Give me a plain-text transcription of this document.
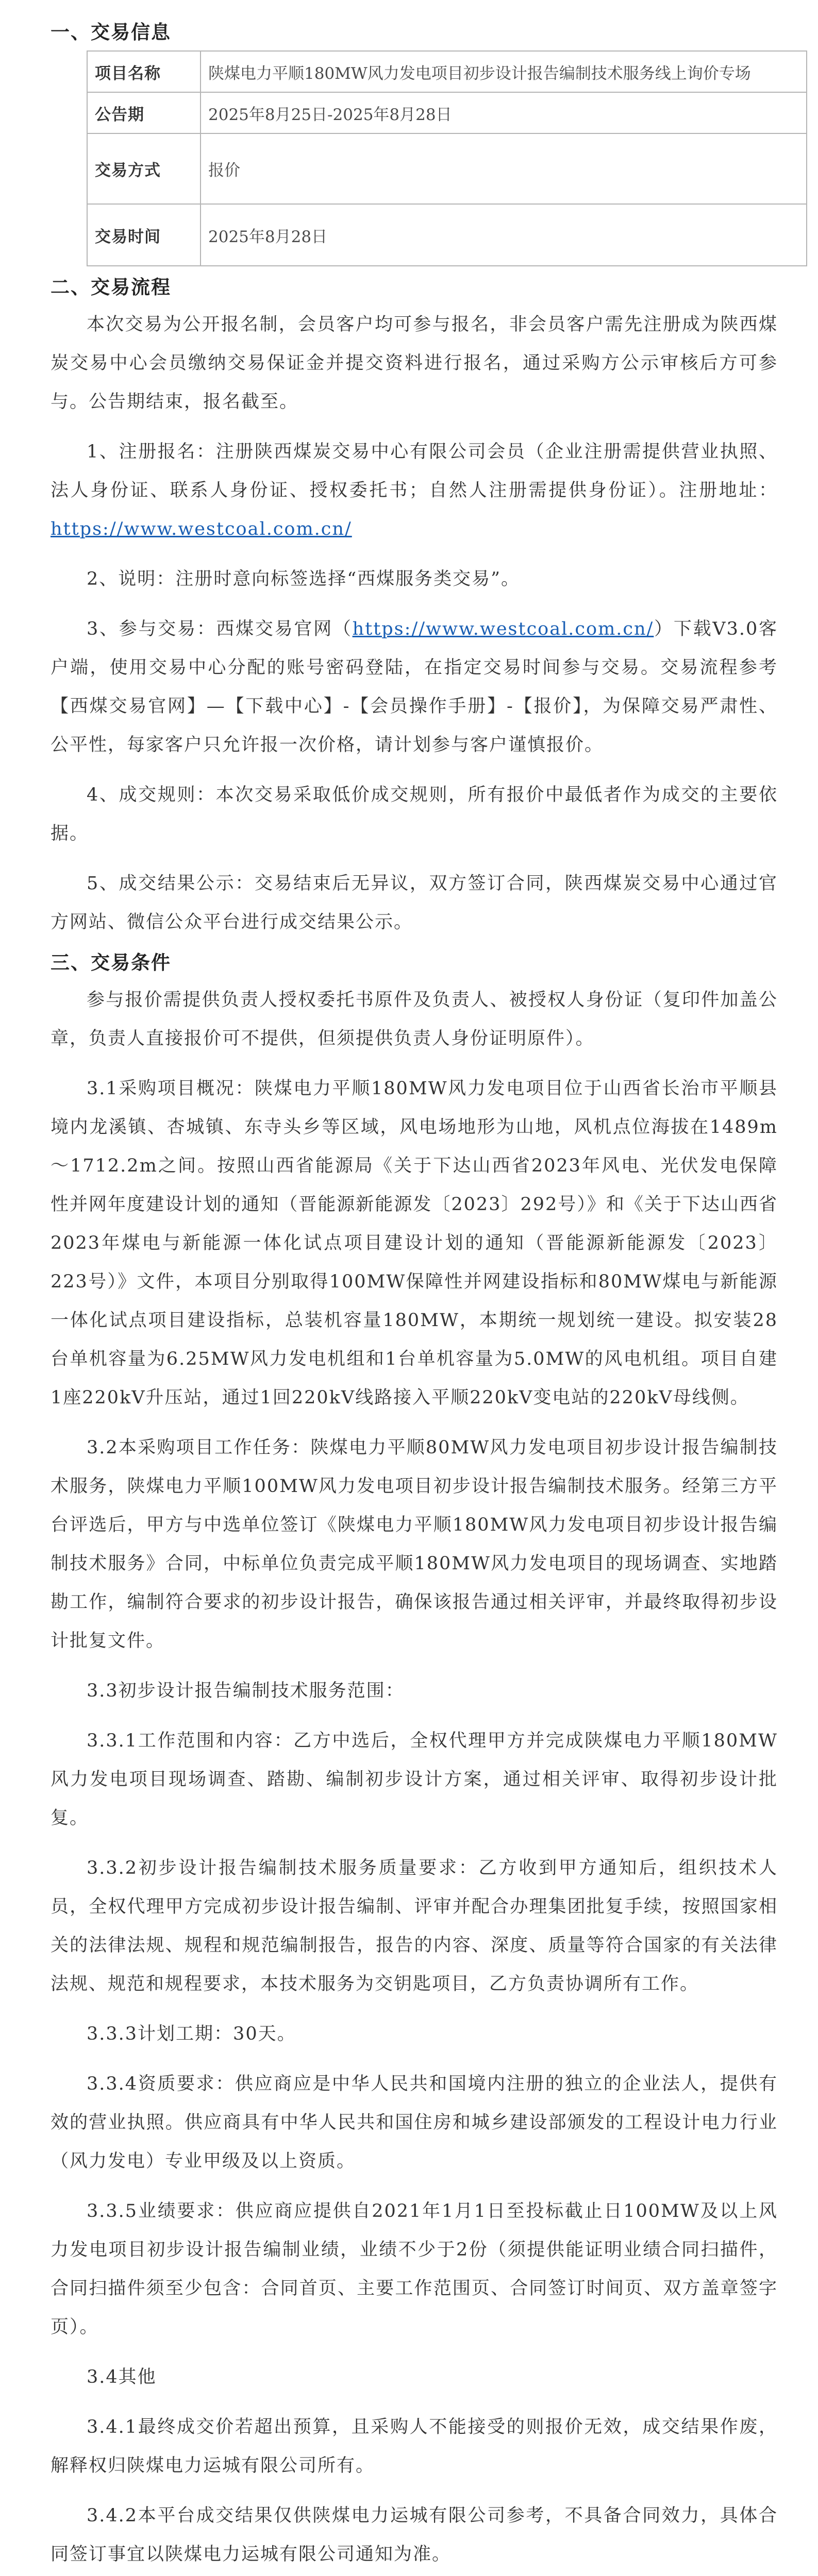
一、交易信息
项目名称	陕煤电力平顺180MW风力发电项目初步设计报告编制技术服务线上询价专场
公告期	2025年8月25日-2025年8月28日
交易方式	报价
交易时间	2025年8月28日
二、交易流程

本次交易为公开报名制，会员客户均可参与报名，非会员客户需先注册成为陕西煤炭交易中心会员缴纳交易保证金并提交资料进行报名，通过采购方公示审核后方可参与。公告期结束，报名截至。

1、注册报名：注册陕西煤炭交易中心有限公司会员（企业注册需提供营业执照、法人身份证、联系人身份证、授权委托书；自然人注册需提供身份证）。注册地址：https://www.westcoal.com.cn/

2、说明：注册时意向标签选择“西煤服务类交易”。

3、参与交易：西煤交易官网（https://www.westcoal.com.cn/）下载V3.0客户端，使用交易中心分配的账号密码登陆，在指定交易时间参与交易。交易流程参考【西煤交易官网】—【下载中心】-【会员操作手册】-【报价】，为保障交易严肃性、公平性，每家客户只允许报一次价格，请计划参与客户谨慎报价。

4、成交规则：本次交易采取低价成交规则，所有报价中最低者作为成交的主要依据。

5、成交结果公示：交易结束后无异议，双方签订合同，陕西煤炭交易中心通过官方网站、微信公众平台进行成交结果公示。

三、交易条件

参与报价需提供负责人授权委托书原件及负责人、被授权人身份证（复印件加盖公章，负责人直接报价可不提供，但须提供负责人身份证明原件）。

3.1采购项目概况：陕煤电力平顺180MW风力发电项目位于山西省长治市平顺县境内龙溪镇、杏城镇、东寺头乡等区域，风电场地形为山地，风机点位海拔在1489m～1712.2m之间。按照山西省能源局《关于下达山西省2023年风电、光伏发电保障性并网年度建设计划的通知（晋能源新能源发〔2023〕292号）》和《关于下达山西省2023年煤电与新能源一体化试点项目建设计划的通知（晋能源新能源发〔2023〕223号）》文件，本项目分别取得100MW保障性并网建设指标和80MW煤电与新能源一体化试点项目建设指标，总装机容量180MW，本期统一规划统一建设。拟安装28台单机容量为6.25MW风力发电机组和1台单机容量为5.0MW的风电机组。项目自建1座220kV升压站，通过1回220kV线路接入平顺220kV变电站的220kV母线侧。

3.2本采购项目工作任务：陕煤电力平顺80MW风力发电项目初步设计报告编制技术服务，陕煤电力平顺100MW风力发电项目初步设计报告编制技术服务。经第三方平台评选后，甲方与中选单位签订《陕煤电力平顺180MW风力发电项目初步设计报告编制技术服务》合同，中标单位负责完成平顺180MW风力发电项目的现场调查、实地踏勘工作，编制符合要求的初步设计报告，确保该报告通过相关评审，并最终取得初步设计批复文件。

3.3初步设计报告编制技术服务范围：

3.3.1工作范围和内容：乙方中选后，全权代理甲方并完成陕煤电力平顺180MW风力发电项目现场调查、踏勘、编制初步设计方案，通过相关评审、取得初步设计批复。

3.3.2初步设计报告编制技术服务质量要求：乙方收到甲方通知后，组织技术人员，全权代理甲方完成初步设计报告编制、评审并配合办理集团批复手续，按照国家相关的法律法规、规程和规范编制报告，报告的内容、深度、质量等符合国家的有关法律法规、规范和规程要求，本技术服务为交钥匙项目，乙方负责协调所有工作。

3.3.3计划工期：30天。

3.3.4资质要求：供应商应是中华人民共和国境内注册的独立的企业法人，提供有效的营业执照。供应商具有中华人民共和国住房和城乡建设部颁发的工程设计电力行业（风力发电）专业甲级及以上资质。

3.3.5业绩要求：供应商应提供自2021年1月1日至投标截止日100MW及以上风力发电项目初步设计报告编制业绩，业绩不少于2份（须提供能证明业绩合同扫描件，合同扫描件须至少包含：合同首页、主要工作范围页、合同签订时间页、双方盖章签字页）。

3.4其他

3.4.1最终成交价若超出预算，且采购人不能接受的则报价无效，成交结果作废，解释权归陕煤电力运城有限公司所有。

3.4.2本平台成交结果仅供陕煤电力运城有限公司参考，不具备合同效力，具体合同签订事宜以陕煤电力运城有限公司通知为准。
